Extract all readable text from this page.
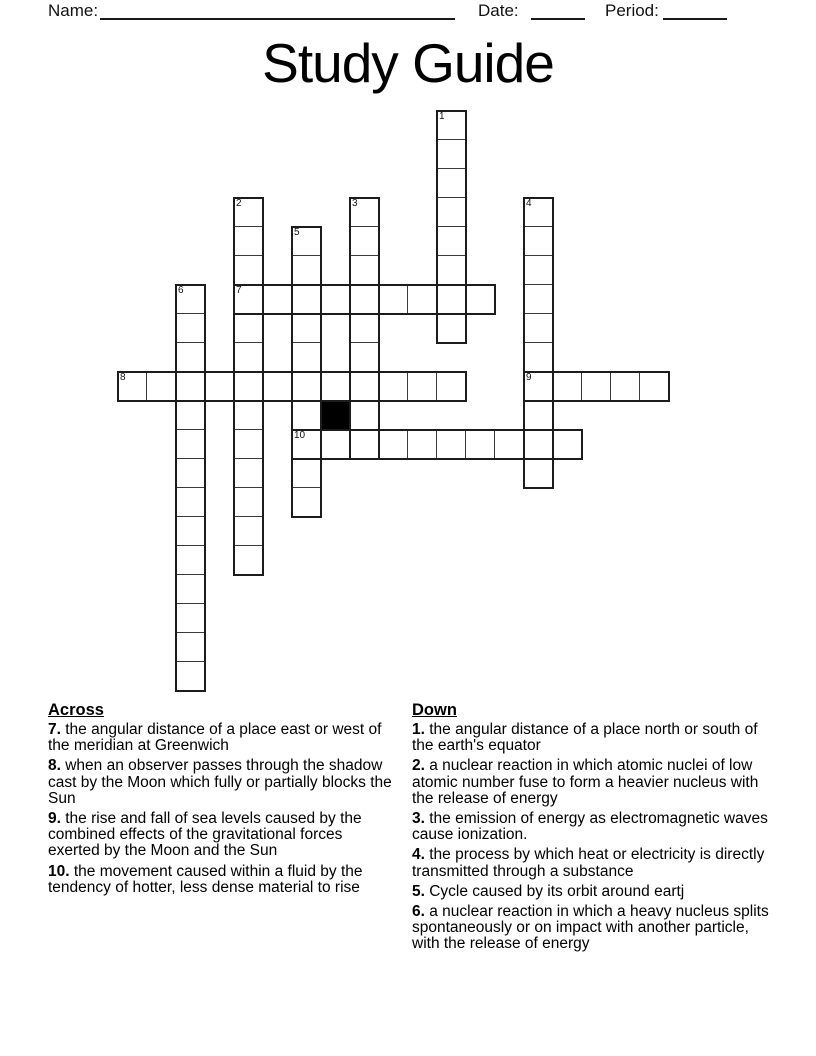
Name:	Date:	Period:
Study Guide
1
2
7
3	4
9
5
10
6
8
Across
7. the angular distance of a place east or west of the meridian at Greenwich
8. when an observer passes through the shadow cast by the Moon which fully or partially blocks the Sun
9. the rise and fall of sea levels caused by the combined effects of the gravitational forces exerted by the Moon and the Sun
10. the movement caused within a fluid by the tendency of hotter, less dense material to rise
Down
1. the angular distance of a place north or south of the earth's equator
2. a nuclear reaction in which atomic nuclei of low atomic number fuse to form a heavier nucleus with the release of energy
3. the emission of energy as electromagnetic waves cause ionization.
4. the process by which heat or electricity is directly transmitted through a substance
5. Cycle caused by its orbit around eartj
6. a nuclear reaction in which a heavy nucleus splits spontaneously or on impact with another particle, with the release of energy
